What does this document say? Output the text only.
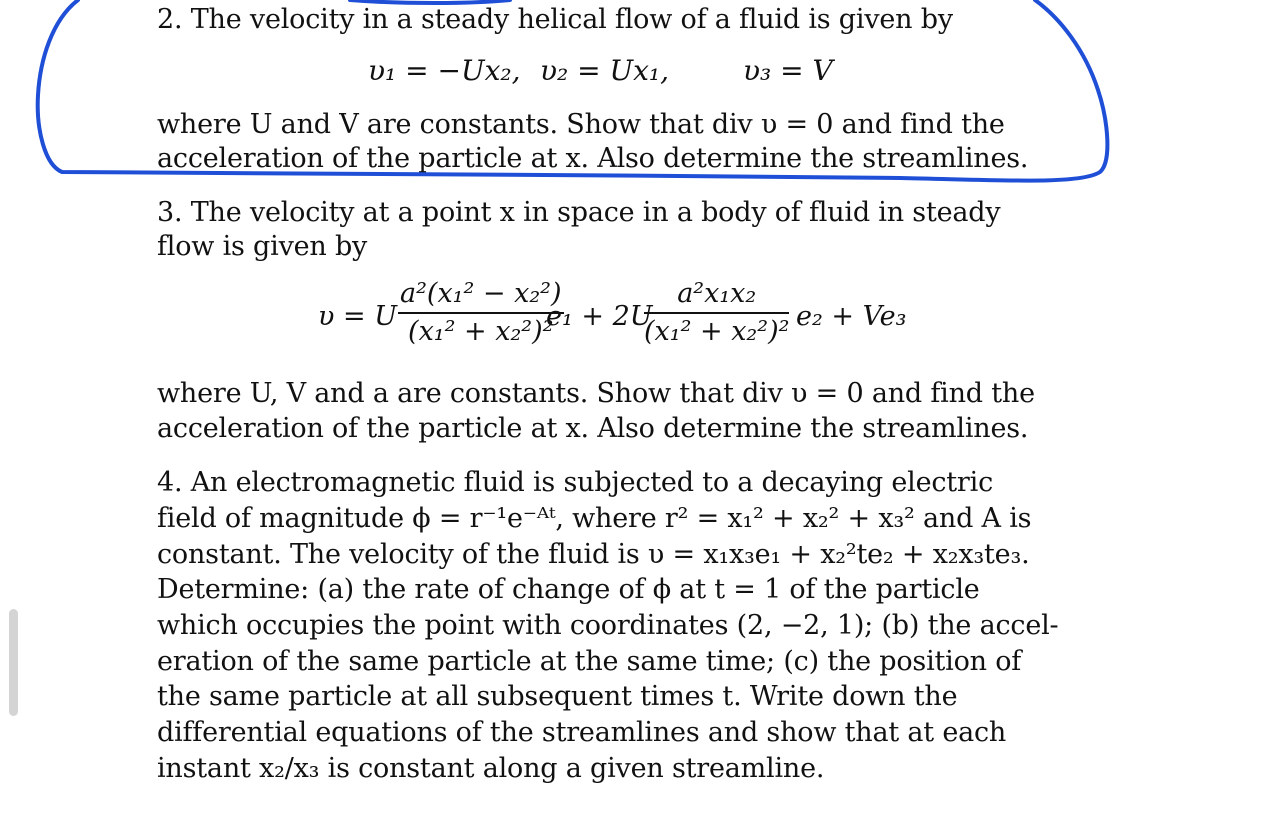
2. The velocity in a steady helical flow of a fluid is given by
υ₁ = −Ux₂, υ₂ = Ux₁,	υ₃ = V
where U and V are constants. Show that div υ = 0 and find the
acceleration of the particle at x. Also determine the streamlines.
3. The velocity at a point x in space in a body of fluid in steady
flow is given by
υ = U $\frac{\text{a²(x₁² − x₂²)}}{\text{(x₁² + x₂²)²}}$
e₁ + 2U
$\frac{\text{a²x₁x₂}}{\text{(x₁² + x₂²)²}} e_2 + Ve_3$
where U, V and a are constants. Show that div υ = 0 and find the
acceleration of the particle at x. Also determine the streamlines.
4. An electromagnetic fluid is subjected to a decaying electric
field of magnitude ϕ = r⁻¹e⁻ᴬᵗ, where r² = x₁² + x₂² + x₃² and A is
constant. The velocity of the fluid is υ = x₁x₃e₁ + x₂²te₂ + x₂x₃te₃.
Determine: (a) the rate of change of ϕ at t = 1 of the particle
which occupies the point with coordinates (2, −2, 1); (b) the accel-
eration of the same particle at the same time; (c) the position of
the same particle at all subsequent times t. Write down the
differential equations of the streamlines and show that at each
instant x₂/x₃ is constant along a given streamline.
